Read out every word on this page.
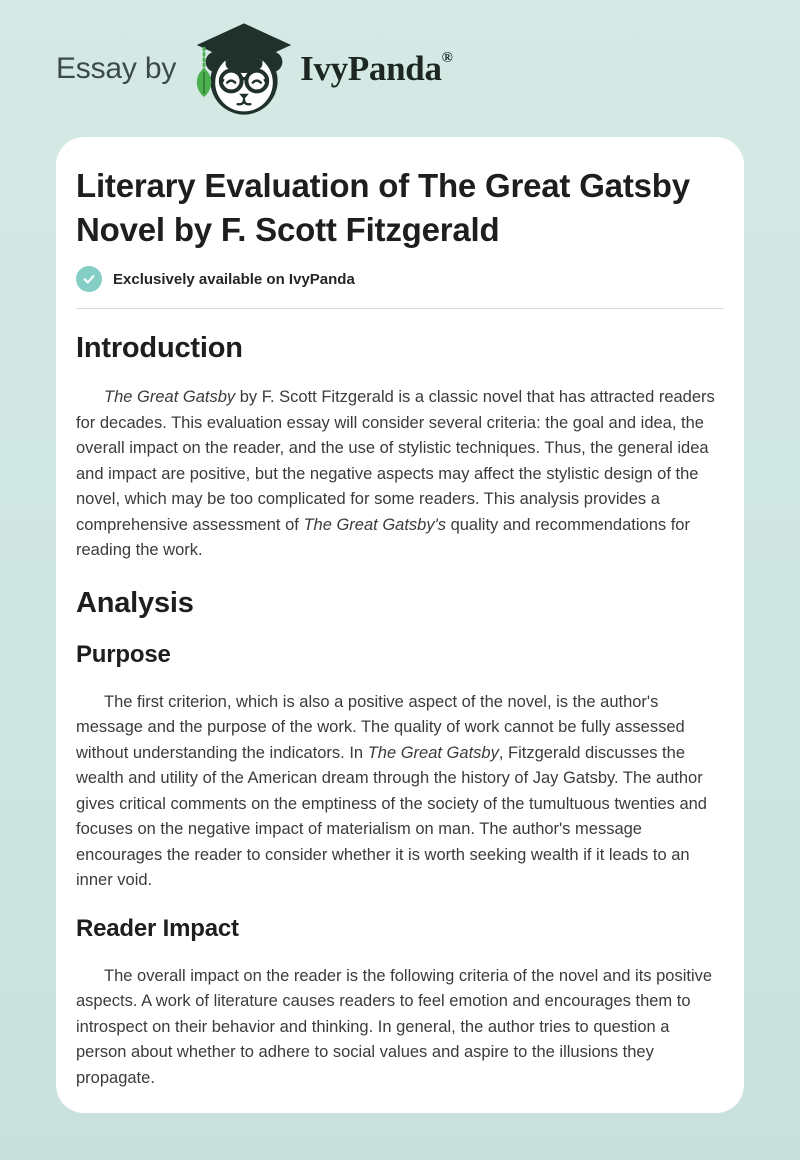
Essay by	IvyPanda®
Literary Evaluation of The Great Gatsby Novel by F. Scott Fitzgerald
Exclusively available on IvyPanda
Introduction

The Great Gatsby by F. Scott Fitzgerald is a classic novel that has attracted readers for decades. This evaluation essay will consider several criteria: the goal and idea, the overall impact on the reader, and the use of stylistic techniques. Thus, the general idea and impact are positive, but the negative aspects may affect the stylistic design of the novel, which may be too complicated for some readers. This analysis provides a comprehensive assessment of The Great Gatsby's quality and recommendations for reading the work.

Analysis
Purpose

The first criterion, which is also a positive aspect of the novel, is the author's message and the purpose of the work. The quality of work cannot be fully assessed without understanding the indicators. In The Great Gatsby, Fitzgerald discusses the wealth and utility of the American dream through the history of Jay Gatsby. The author gives critical comments on the emptiness of the society of the tumultuous twenties and focuses on the negative impact of materialism on man. The author's message encourages the reader to consider whether it is worth seeking wealth if it leads to an inner void.

Reader Impact

The overall impact on the reader is the following criteria of the novel and its positive aspects. A work of literature causes readers to feel emotion and encourages them to introspect on their behavior and thinking. In general, the author tries to question a person about whether to adhere to social values and aspire to the illusions they propagate.
